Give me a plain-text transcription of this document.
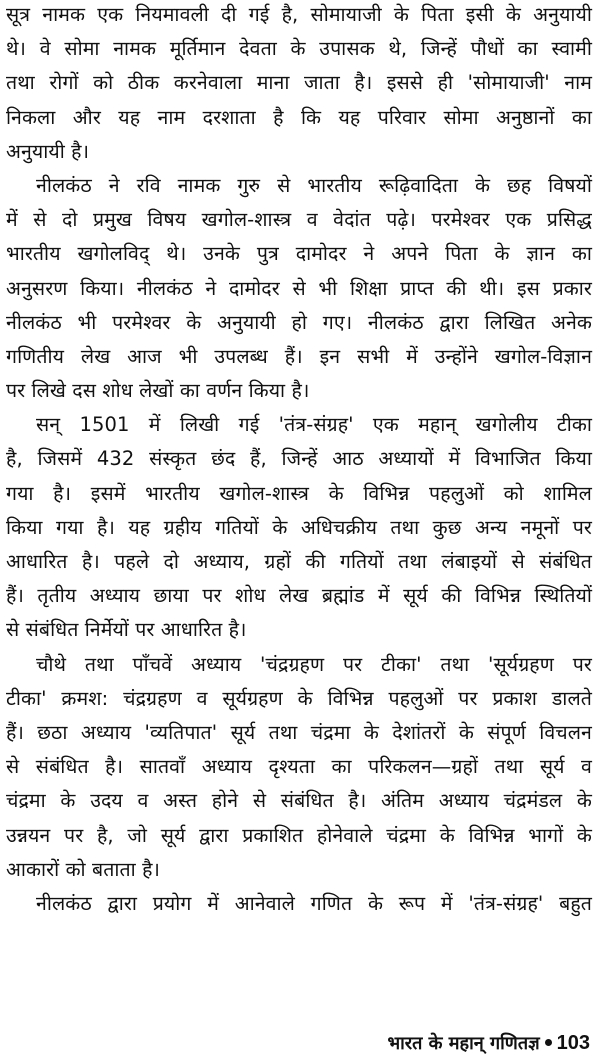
सूत्र नामक एक नियमावली दी गई है, सोमायाजी के पिता इसी के अनुयायी
थे। वे सोमा नामक मूर्तिमान देवता के उपासक थे, जिन्हें पौधों का स्वामी
तथा रोगों को ठीक करनेवाला माना जाता है। इससे ही 'सोमायाजी' नाम
निकला और यह नाम दरशाता है कि यह परिवार सोमा अनुष्ठानों का
अनुयायी है।
नीलकंठ ने रवि नामक गुरु से भारतीय रूढ़िवादिता के छह विषयों
में से दो प्रमुख विषय खगोल-शास्त्र व वेदांत पढ़े। परमेश्वर एक प्रसिद्ध
भारतीय खगोलविद् थे। उनके पुत्र दामोदर ने अपने पिता के ज्ञान का
अनुसरण किया। नीलकंठ ने दामोदर से भी शिक्षा प्राप्त की थी। इस प्रकार
नीलकंठ भी परमेश्वर के अनुयायी हो गए। नीलकंठ द्वारा लिखित अनेक
गणितीय लेख आज भी उपलब्ध हैं। इन सभी में उन्होंने खगोल-विज्ञान
पर लिखे दस शोध लेखों का वर्णन किया है।
सन् 1501 में लिखी गई 'तंत्र-संग्रह' एक महान् खगोलीय टीका
है, जिसमें 432 संस्कृत छंद हैं, जिन्हें आठ अध्यायों में विभाजित किया
गया है। इसमें भारतीय खगोल-शास्त्र के विभिन्न पहलुओं को शामिल
किया गया है। यह ग्रहीय गतियों के अधिचक्रीय तथा कुछ अन्य नमूनों पर
आधारित है। पहले दो अध्याय, ग्रहों की गतियों तथा लंबाइयों से संबंधित
हैं। तृतीय अध्याय छाया पर शोध लेख ब्रह्मांड में सूर्य की विभिन्न स्थितियों
से संबंधित निर्मेयों पर आधारित है।
चौथे तथा पाँचवें अध्याय 'चंद्रग्रहण पर टीका' तथा 'सूर्यग्रहण पर
टीका' क्रमश: चंद्रग्रहण व सूर्यग्रहण के विभिन्न पहलुओं पर प्रकाश डालते
हैं। छठा अध्याय 'व्यतिपात' सूर्य तथा चंद्रमा के देशांतरों के संपूर्ण विचलन
से संबंधित है। सातवाँ अध्याय दृश्यता का परिकलन—ग्रहों तथा सूर्य व
चंद्रमा के उदय व अस्त होने से संबंधित है। अंतिम अध्याय चंद्रमंडल के
उन्नयन पर है, जो सूर्य द्वारा प्रकाशित होनेवाले चंद्रमा के विभिन्न भागों के
आकारों को बताता है।
नीलकंठ द्वारा प्रयोग में आनेवाले गणित के रूप में 'तंत्र-संग्रह' बहुत
भारत के महान् गणितज्ञ 103
